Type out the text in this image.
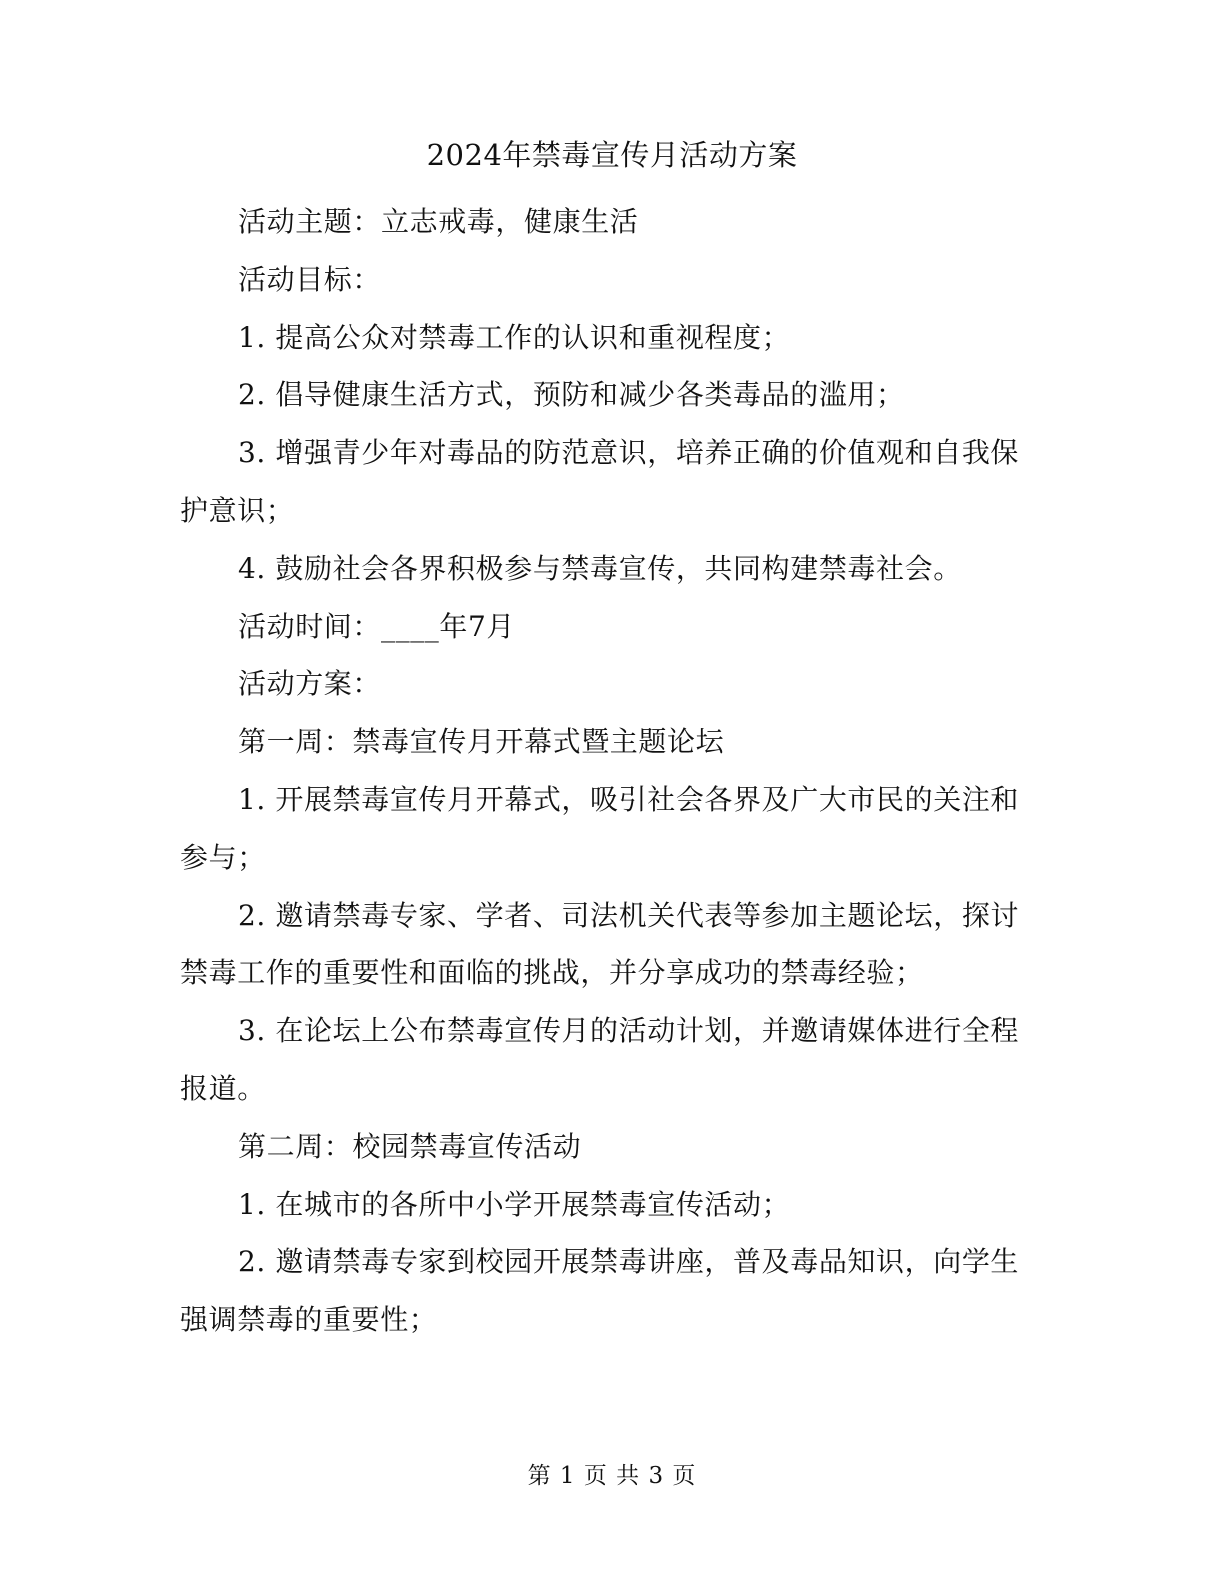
2024年禁毒宣传月活动方案

活动主题：立志戒毒，健康生活

活动目标：

1. 提高公众对禁毒工作的认识和重视程度；

2. 倡导健康生活方式，预防和减少各类毒品的滥用；

3. 增强青少年对毒品的防范意识，培养正确的价值观和自我保护意识；

4. 鼓励社会各界积极参与禁毒宣传，共同构建禁毒社会。

活动时间：____年7月

活动方案：

第一周：禁毒宣传月开幕式暨主题论坛

1. 开展禁毒宣传月开幕式，吸引社会各界及广大市民的关注和参与；

2. 邀请禁毒专家、学者、司法机关代表等参加主题论坛，探讨禁毒工作的重要性和面临的挑战，并分享成功的禁毒经验；

3. 在论坛上公布禁毒宣传月的活动计划，并邀请媒体进行全程报道。

第二周：校园禁毒宣传活动

1. 在城市的各所中小学开展禁毒宣传活动；

2. 邀请禁毒专家到校园开展禁毒讲座，普及毒品知识，向学生强调禁毒的重要性；

第 1 页 共 3 页
